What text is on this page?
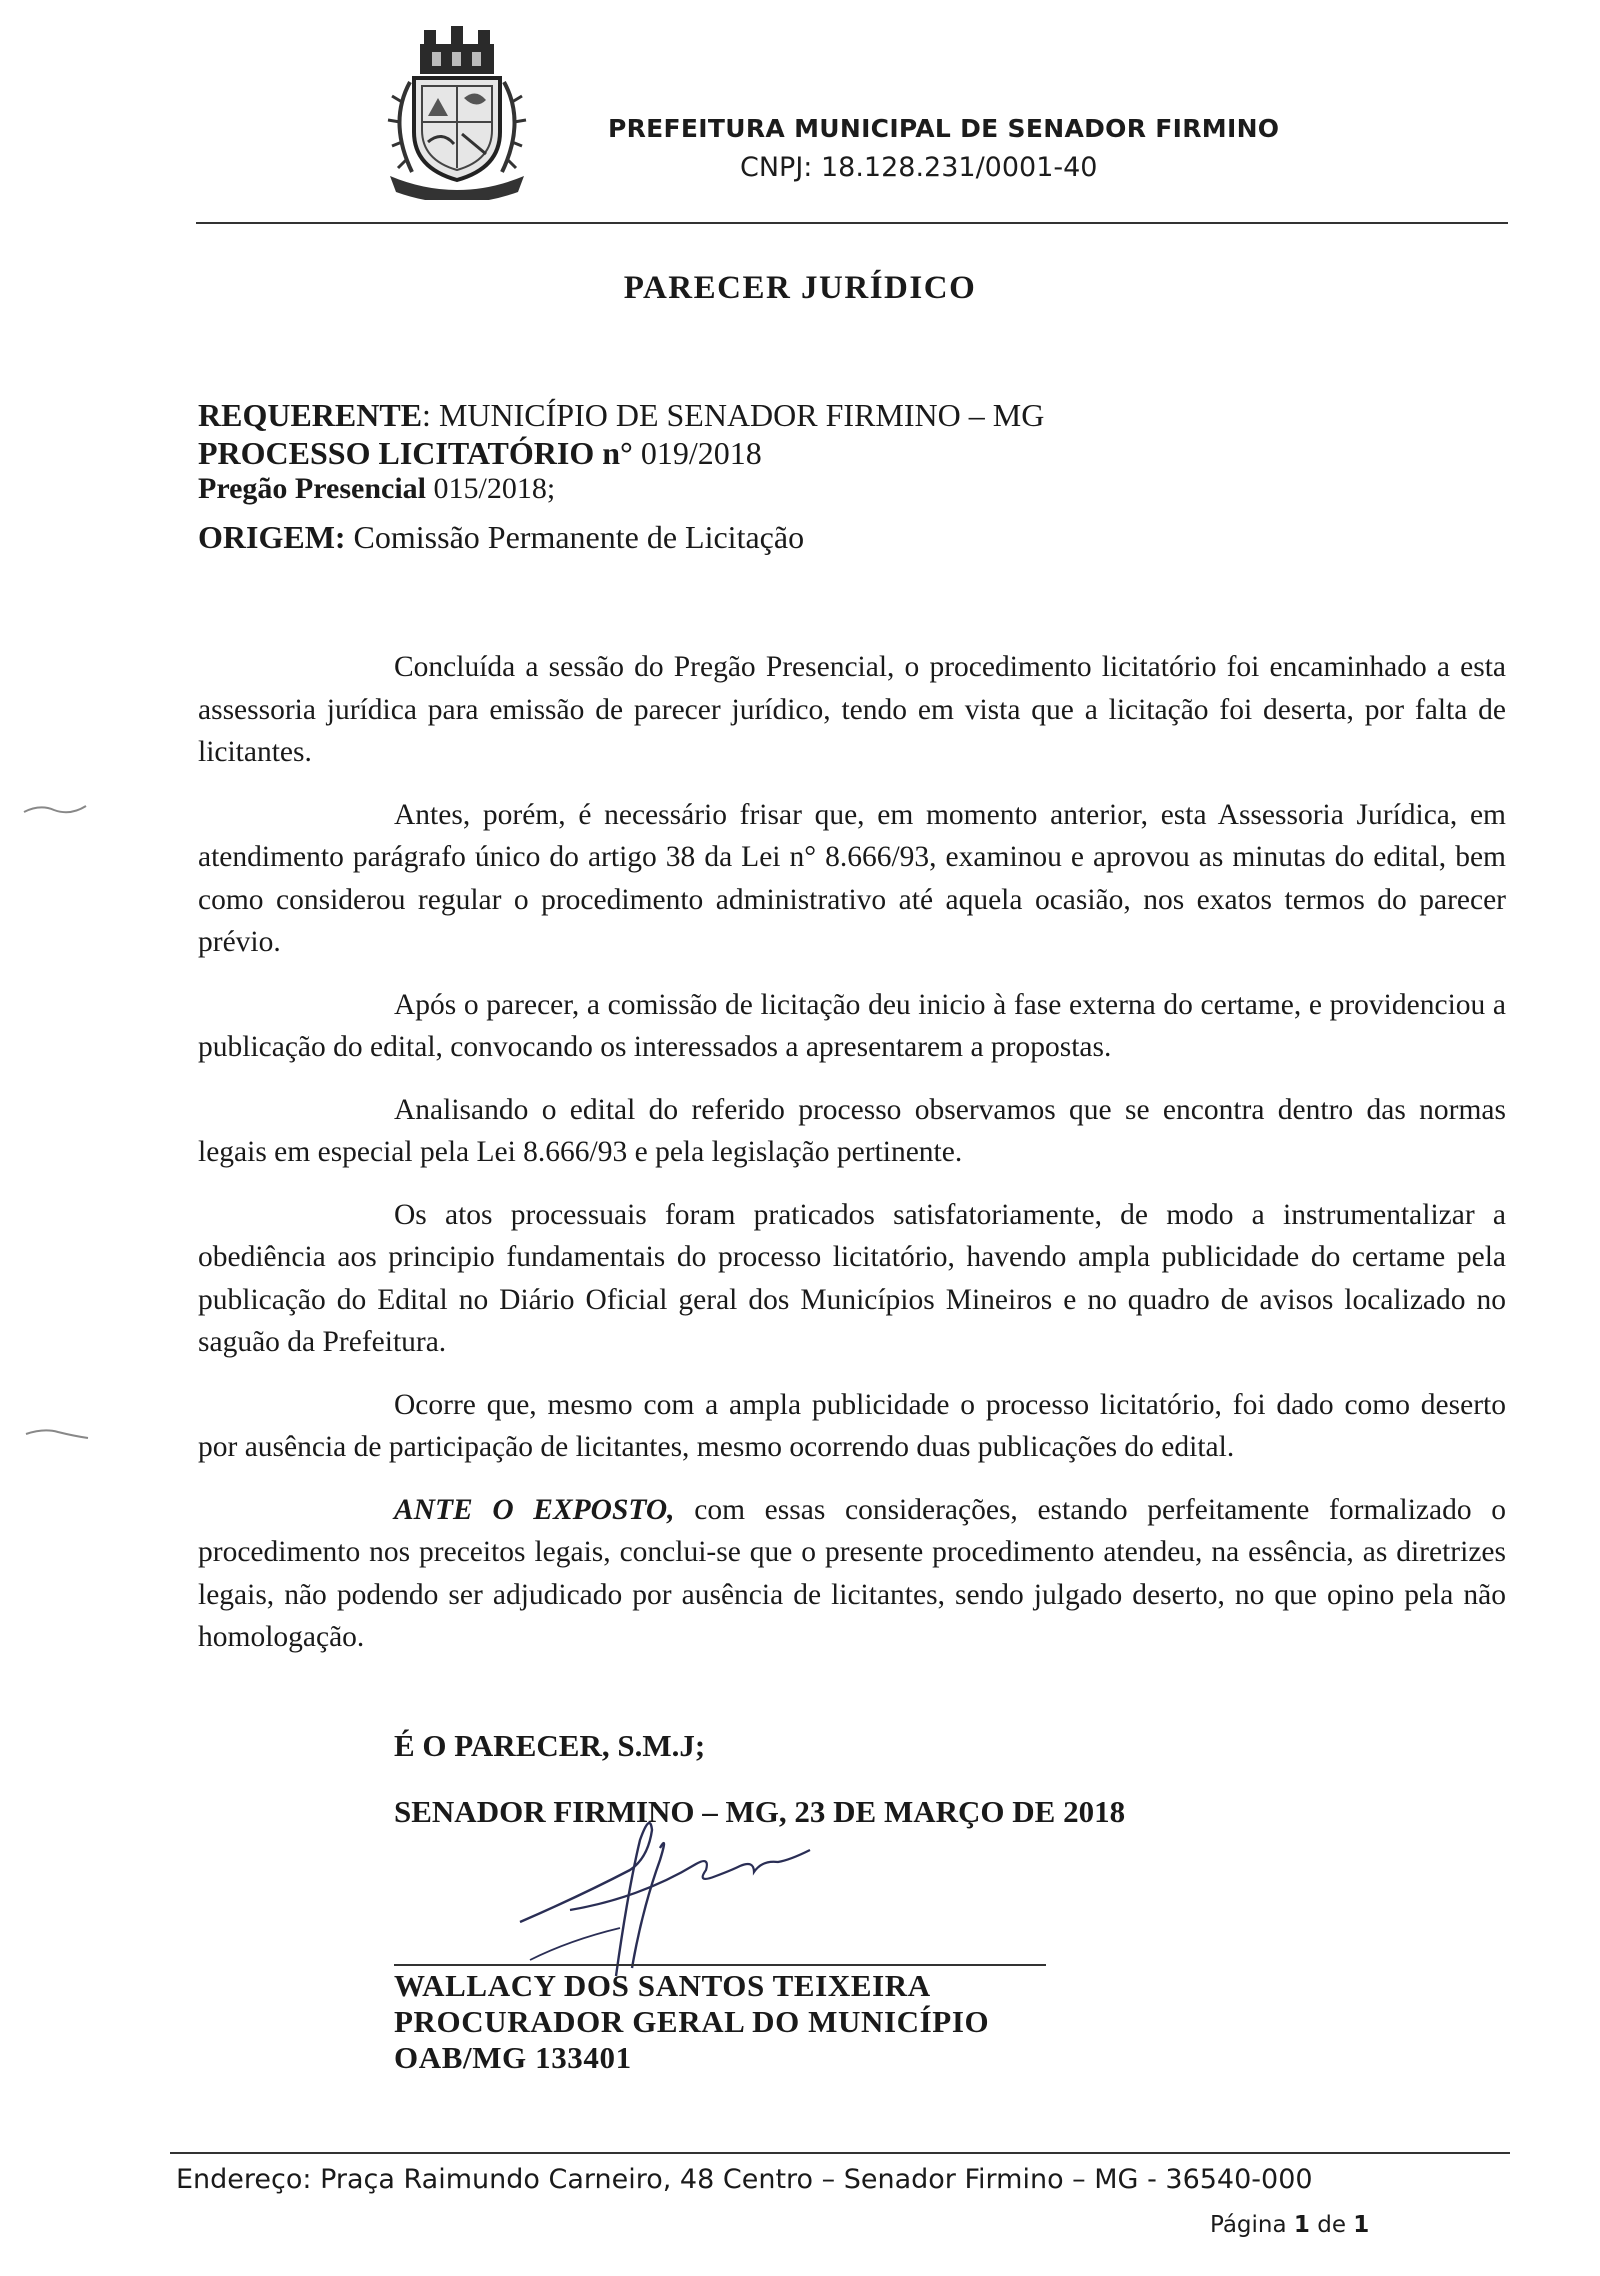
PREFEITURA MUNICIPAL DE SENADOR FIRMINO
CNPJ: 18.128.231/0001-40
PARECER JURÍDICO
REQUERENTE: MUNICÍPIO DE SENADOR FIRMINO – MG
PROCESSO LICITATÓRIO n° 019/2018
Pregão Presencial 015/2018;
ORIGEM: Comissão Permanente de Licitação

Concluída a sessão do Pregão Presencial, o procedimento licitatório foi encaminhado a esta assessoria jurídica para emissão de parecer jurídico, tendo em vista que a licitação foi deserta, por falta de licitantes.

Antes, porém, é necessário frisar que, em momento anterior, esta Assessoria Jurídica, em atendimento parágrafo único do artigo 38 da Lei n° 8.666/93, examinou e aprovou as minutas do edital, bem como considerou regular o procedimento administrativo até aquela ocasião, nos exatos termos do parecer prévio.

Após o parecer, a comissão de licitação deu inicio à fase externa do certame, e providenciou a publicação do edital, convocando os interessados a apresentarem a propostas.

Analisando o edital do referido processo observamos que se encontra dentro das normas legais em especial pela Lei 8.666/93 e pela legislação pertinente.

Os atos processuais foram praticados satisfatoriamente, de modo a instrumentalizar a obediência aos principio fundamentais do processo licitatório, havendo ampla publicidade do certame pela publicação do Edital no Diário Oficial geral dos Municípios Mineiros e no quadro de avisos localizado no saguão da Prefeitura.

Ocorre que, mesmo com a ampla publicidade o processo licitatório, foi dado como deserto por ausência de participação de licitantes, mesmo ocorrendo duas publicações do edital.

ANTE O EXPOSTO, com essas considerações, estando perfeitamente formalizado o procedimento nos preceitos legais, conclui-se que o presente procedimento atendeu, na essência, as diretrizes legais, não podendo ser adjudicado por ausência de licitantes, sendo julgado deserto, no que opino pela não homologação.

É O PARECER, S.M.J;
SENADOR FIRMINO – MG, 23 DE MARÇO DE 2018
WALLACY DOS SANTOS TEIXEIRA
PROCURADOR GERAL DO MUNICÍPIO
OAB/MG 133401
Endereço: Praça Raimundo Carneiro, 48 Centro – Senador Firmino – MG - 36540-000
Página 1 de 1
